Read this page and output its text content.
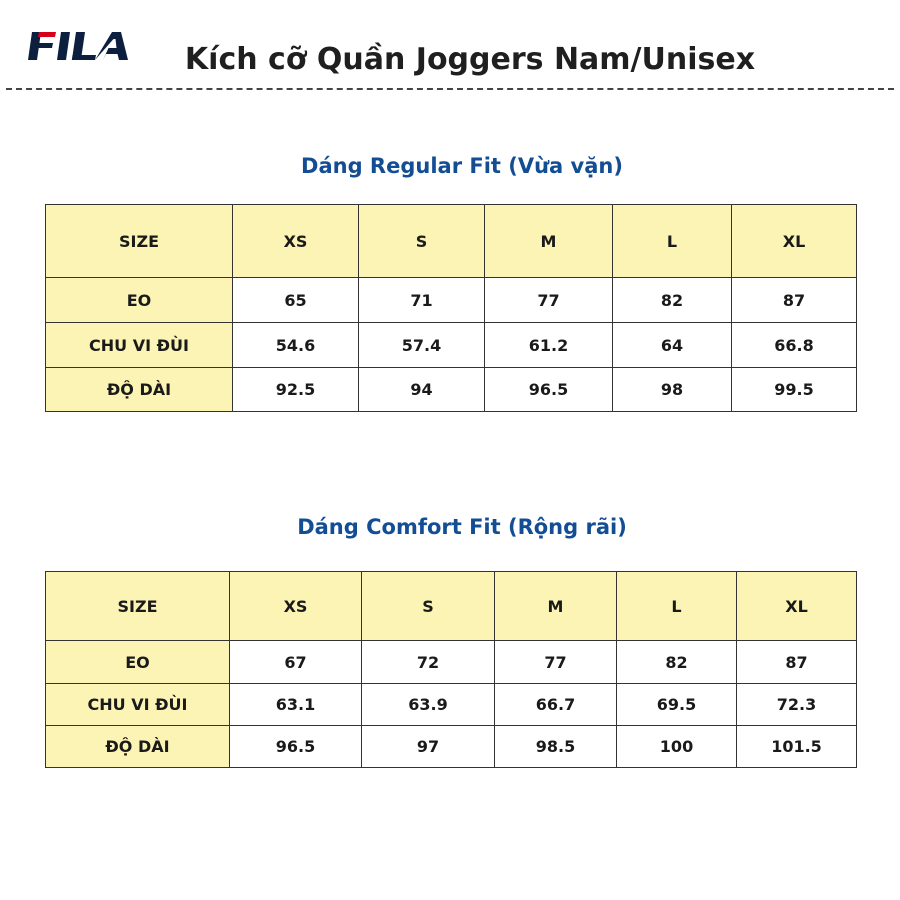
Kích cỡ Quần Joggers Nam/Unisex
Dáng Regular Fit (Vừa vặn)
SIZE	XS	S	M	L	XL
EO	65	71	77	82	87
CHU VI ĐÙI	54.6	57.4	61.2	64	66.8
ĐỘ DÀI	92.5	94	96.5	98	99.5
Dáng Comfort Fit (Rộng rãi)
SIZE	XS	S	M	L	XL
EO	67	72	77	82	87
CHU VI ĐÙI	63.1	63.9	66.7	69.5	72.3
ĐỘ DÀI	96.5	97	98.5	100	101.5
